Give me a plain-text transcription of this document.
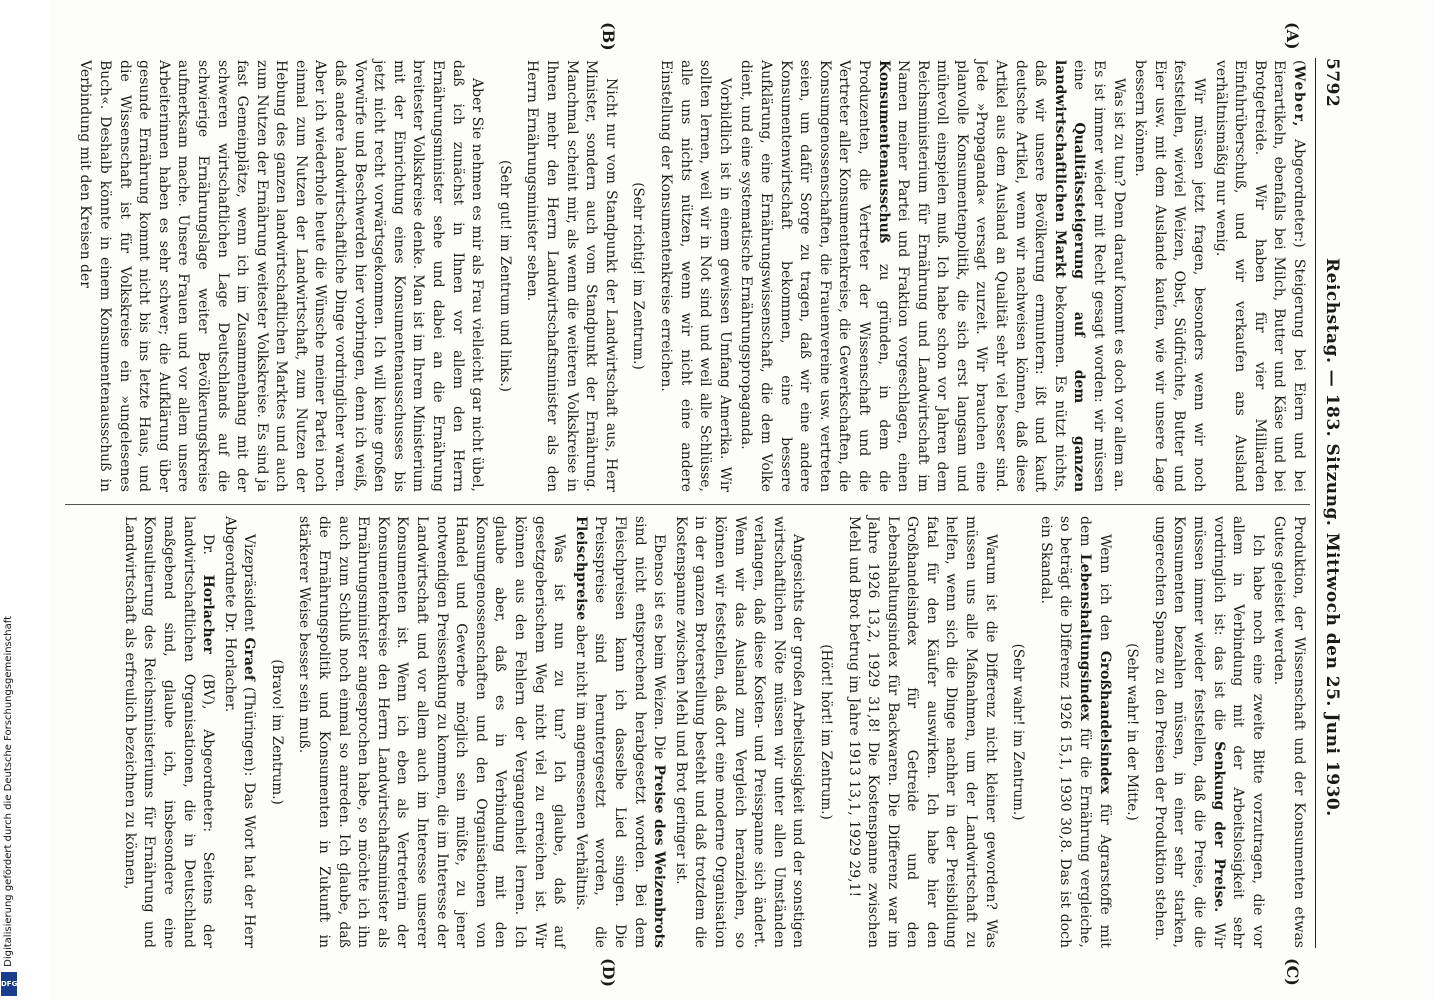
5792
Reichstag. — 183. Sitzung. Mittwoch den 25. Juni 1930.
(A)
(B)
(C)
(D)

(Weber, Abgeordneter:) Steigerung bei Eiern und bei Eierartikeln, ebenfalls bei Milch, Butter und Käse und bei Brotgetreide. Wir haben für vier Milliarden Einfuhrüberschuß, und wir verkaufen ans Ausland verhältnismäßig nur wenig.

Wir müssen jetzt fragen, besonders wenn wir noch feststellen, wieviel Weizen, Obst, Südfrüchte, Butter und Eier usw. mit dem Auslande kaufen, wie wir unsere Lage bessern können.

Was ist zu tun? Denn darauf kommt es doch vor allem an. Es ist immer wieder mit Recht gesagt worden: wir müssen eine Qualitätssteigerung auf dem ganzen landwirtschaftlichen Markt bekommen. Es nützt nichts, daß wir unsere Bevölkerung ermuntern: ißt und kauft deutsche Artikel, wenn wir nachweisen können, daß diese Artikel aus dem Ausland an Qualität sehr viel besser sind. Jede »Propaganda« versagt zurzeit. Wir brauchen eine planvolle Konsumentenpolitik, die sich erst langsam und mühevoll einspielen muß. Ich habe schon vor Jahren dem Reichsministerium für Ernährung und Landwirtschaft im Namen meiner Partei und Fraktion vorgeschlagen, einen Konsumentenausschuß zu gründen, in dem die Produzenten, die Vertreter der Wissenschaft und die Vertreter aller Konsumentenkreise, die Gewerkschaften, die Konsumgenossenschaften, die Frauenvereine usw. vertreten seien, um dafür Sorge zu tragen, daß wir eine andere Konsumentenwirtschaft bekommen, eine bessere Aufklärung, eine Ernährungswissenschaft, die dem Volke dient, und eine systematische Ernährungspropaganda.

Vorbildlich ist in einem gewissen Umfang Amerika. Wir sollten lernen, weil wir in Not sind und weil alle Schlüsse, alle uns nichts nützen, wenn wir nicht eine andere Einstellung der Konsumentenkreise erreichen.

(Sehr richtig! im Zentrum.)

Nicht nur vom Standpunkt der Landwirtschaft aus, Herr Minister, sondern auch vom Standpunkt der Ernährung. Manchmal scheint mir, als wenn die weiteren Volkskreise in Ihnen mehr den Herrn Landwirtschaftsminister als den Herrn Ernährungsminister sehen.

(Sehr gut! im Zentrum und links.)

Aber Sie nehmen es mir als Frau vielleicht gar nicht übel, daß ich zunächst in Ihnen vor allem den Herrn Ernährungsminister sehe und dabei an die Ernährung breitester Volkskreise denke. Man ist im Ihrem Ministerium mit der Einrichtung eines Konsumentenausschusses bis jetzt nicht recht vorwärtsgekommen. Ich will keine großen Vorwürfe und Beschwerden hier vorbringen, denn ich weiß, daß andere landwirtschaftliche Dinge vordringlicher waren. Aber ich wiederhole heute die Wünsche meiner Partei noch einmal zum Nutzen der Landwirtschaft, zum Nutzen der Hebung des ganzen landwirtschaftlichen Marktes und auch zum Nutzen der Ernährung weitester Volkskreise. Es sind ja fast Gemeinplätze, wenn ich im Zusammenhang mit der schweren wirtschaftlichen Lage Deutschlands auf die schwierige Ernährungslage weiter Bevölkerungskreise aufmerksam mache. Unsere Frauen und vor allem unsere Arbeiterinnen haben es sehr schwer; die Aufklärung über gesunde Ernährung kommt nicht bis ins letzte Haus, und die Wissenschaft ist für Volkskreise ein »ungelesenes Buch«. Deshalb könnte in einem Konsumentenausschuß in Verbindung mit den Kreisen der

Produktion, der Wissenschaft und der Konsumenten etwas Gutes geleistet werden.

Ich habe noch eine zweite Bitte vorzutragen, die vor allem in Verbindung mit der Arbeitslosigkeit sehr vordringlich ist: das ist die Senkung der Preise. Wir müssen immer wieder feststellen, daß die Preise, die die Konsumenten bezahlen müssen, in einer sehr starken, ungerechten Spanne zu den Preisen der Produktion stehen.

(Sehr wahr! in der Mitte.)

Wenn ich den Großhandelsindex für Agrarstoffe mit dem Lebenshaltungsindex für die Ernährung vergleiche, so beträgt die Differenz 1926 15,1, 1930 30,8. Das ist doch ein Skandal.

(Sehr wahr! im Zentrum.)

Warum ist die Differenz nicht kleiner geworden? Was müssen uns alle Maßnahmen, um der Landwirtschaft zu helfen, wenn sich die Dinge nachher in der Preisbildung fatal für den Käufer auswirken. Ich habe hier den Großhandelsindex für Getreide und den Lebenshaltungsindex für Backwaren. Die Differenz war im Jahre 1926 13,2, 1929 31,8! Die Kostenspanne zwischen Mehl und Brot betrug im Jahre 1913 13,1, 1929 29,1!

(Hört! hört! im Zentrum.)

Angesichts der großen Arbeitslosigkeit und der sonstigen wirtschaftlichen Nöte müssen wir unter allen Umständen verlangen, daß diese Kosten- und Preisspanne sich ändert. Wenn wir das Ausland zum Vergleich heranziehen, so können wir feststellen, daß dort eine moderne Organisation in der ganzen Broterstellung besteht und daß trotzdem die Kostenspanne zwischen Mehl und Brot geringer ist.

Ebenso ist es beim Weizen. Die Preise des Weizenbrots sind nicht entsprechend herabgesetzt worden. Bei dem Fleischpreisen kann ich dasselbe Lied singen. Die Preisspreise sind heruntergesetzt worden, die Fleischpreise aber nicht im angemessenen Verhältnis.

Was ist nun zu tun? Ich glaube, daß auf gesetzgeberischem Weg nicht viel zu erreichen ist. Wir können aus den Fehlern der Vergangenheit lernen. Ich glaube aber, daß es in Verbindung mit den Konsumgenossenschaften und den Organisationen von Handel und Gewerbe möglich sein müßte, zu jener notwendigen Preissenkung zu kommen, die im Interesse der Landwirtschaft und vor allem auch im Interesse unserer Konsumenten ist. Wenn ich eben als Vertreterin der Konsumentenkreise den Herrn Landwirtschaftsminister als Ernährungsminister angesprochen habe, so möchte ich ihn auch zum Schluß noch einmal so anreden. Ich glaube, daß die Ernährungspolitik und Konsumenten in Zukunft in stärkerer Weise besser sein muß.

(Bravo! im Zentrum.)

Vizepräsident Graef (Thüringen): Das Wort hat der Herr Abgeordnete Dr. Horlacher.

Dr. Horlacher (BV), Abgeordneter: Seitens der landwirtschaftlichen Organisationen, die in Deutschland maßgebend sind, glaube ich, insbesondere eine Konsultierung des Reichsministeriums für Ernährung und Landwirtschaft als erfreulich bezeichnen zu können,

Digitalisierung gefördert durch die Deutsche Forschungsgemeinschaft
DFG
